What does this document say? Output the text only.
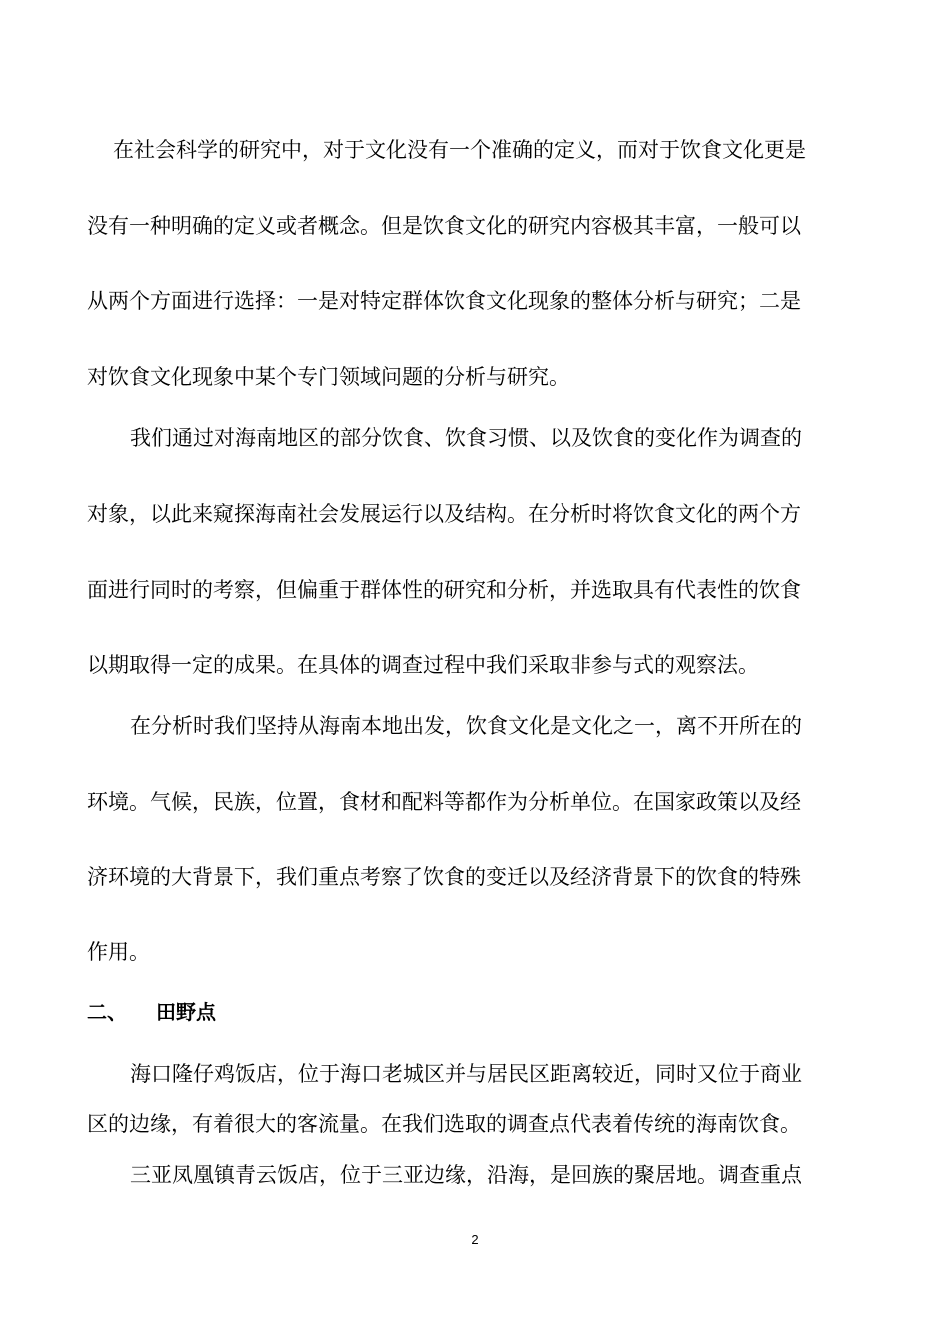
在社会科学的研究中，对于文化没有一个准确的定义，而对于饮食文化更是
没有一种明确的定义或者概念。但是饮食文化的研究内容极其丰富，一般可以
从两个方面进行选择：一是对特定群体饮食文化现象的整体分析与研究；二是
对饮食文化现象中某个专门领域问题的分析与研究。
我们通过对海南地区的部分饮食、饮食习惯、以及饮食的变化作为调查的
对象，以此来窥探海南社会发展运行以及结构。在分析时将饮食文化的两个方
面进行同时的考察，但偏重于群体性的研究和分析，并选取具有代表性的饮食
以期取得一定的成果。在具体的调查过程中我们采取非参与式的观察法。
在分析时我们坚持从海南本地出发，饮食文化是文化之一，离不开所在的
环境。气候，民族，位置，食材和配料等都作为分析单位。在国家政策以及经
济环境的大背景下，我们重点考察了饮食的变迁以及经济背景下的饮食的特殊
作用。
二、 田野点
海口隆仔鸡饭店，位于海口老城区并与居民区距离较近，同时又位于商业
区的边缘，有着很大的客流量。在我们选取的调查点代表着传统的海南饮食。
三亚凤凰镇青云饭店，位于三亚边缘，沿海，是回族的聚居地。调查重点
2
